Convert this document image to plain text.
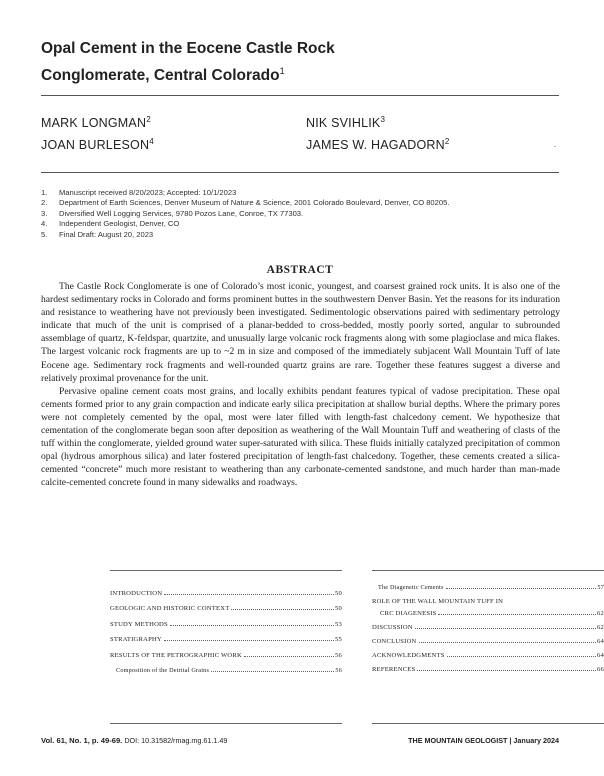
Opal Cement in the Eocene Castle Rock
Conglomerate, Central Colorado$^1$
MARK LONGMAN$^2$	NIK SVIHLIK$^3$
JOAN BURLESON$^4$	JAMES W. HAGADORN$^2$	.
1.	Manuscript received 8/20/2023; Accepted: 10/1/2023
2.	Department of Earth Sciences, Denver Museum of Nature & Science, 2001 Colorado Boulevard, Denver, CO 80205.
3.	Diversified Well Logging Services, 9780 Pozos Lane, Conroe, TX 77303.
4.	Independent Geologist, Denver, CO
5.	Final Draft: August 20, 2023
ABSTRACT

The Castle Rock Conglomerate is one of Colorado’s most iconic, youngest, and coarsest grained rock units. It is also one of the hardest sedimentary rocks in Colorado and forms prominent buttes in the southwestern Denver Basin. Yet the reasons for its induration and resistance to weathering have not previously been investigated. Sedimentologic observations paired with sedimentary petrology indicate that much of the unit is comprised of a planar-bedded to cross-bedded, mostly poorly sorted, angular to subrounded assemblage of quartz, K-feldspar, quartzite, and unusually large volcanic rock fragments along with some plagioclase and mica flakes. The largest volcanic rock fragments are up to ~2 m in size and composed of the immediately subjacent Wall Mountain Tuff of late Eocene age. Sedimentary rock fragments and well-rounded quartz grains are rare. Together these features suggest a diverse and relatively proximal provenance for the unit.

Pervasive opaline cement coats most grains, and locally exhibits pendant features typical of vadose precipitation. These opal cements formed prior to any grain compaction and indicate early silica precipitation at shallow burial depths. Where the primary pores were not completely cemented by the opal, most were later filled with length-fast chalcedony cement. We hypothesize that cementation of the conglomerate began soon after deposition as weathering of the Wall Mountain Tuff and weathering of clasts of the tuff within the conglomerate, yielded ground water super-saturated with silica. These fluids initially catalyzed precipitation of common opal (hydrous amorphous silica) and later fostered precipitation of length-fast chalcedony. Together, these cements created a silica-cemented “concrete” much more resistant to weathering than any carbonate-cemented sandstone, and much harder than man-made calcite-cemented concrete found in many sidewalks and roadways.

INTRODUCTION	50
GEOLOGIC AND HISTORIC CONTEXT	50
STUDY METHODS	53
STRATIGRAPHY	55
RESULTS OF THE PETROGRAPHIC WORK	56
Composition of the Detrital Grains	56
The Diagenetic Cements	57
ROLE OF THE WALL MOUNTAIN TUFF IN
CRC DIAGENESIS	62
DISCUSSION	62
CONCLUSION	64
ACKNOWLEDGMENTS	64
REFERENCES	66
Vol. 61, No. 1, p. 49-69. DOI: 10.31582/rmag.mg.61.1.49	THE MOUNTAIN GEOLOGIST | January 2024
